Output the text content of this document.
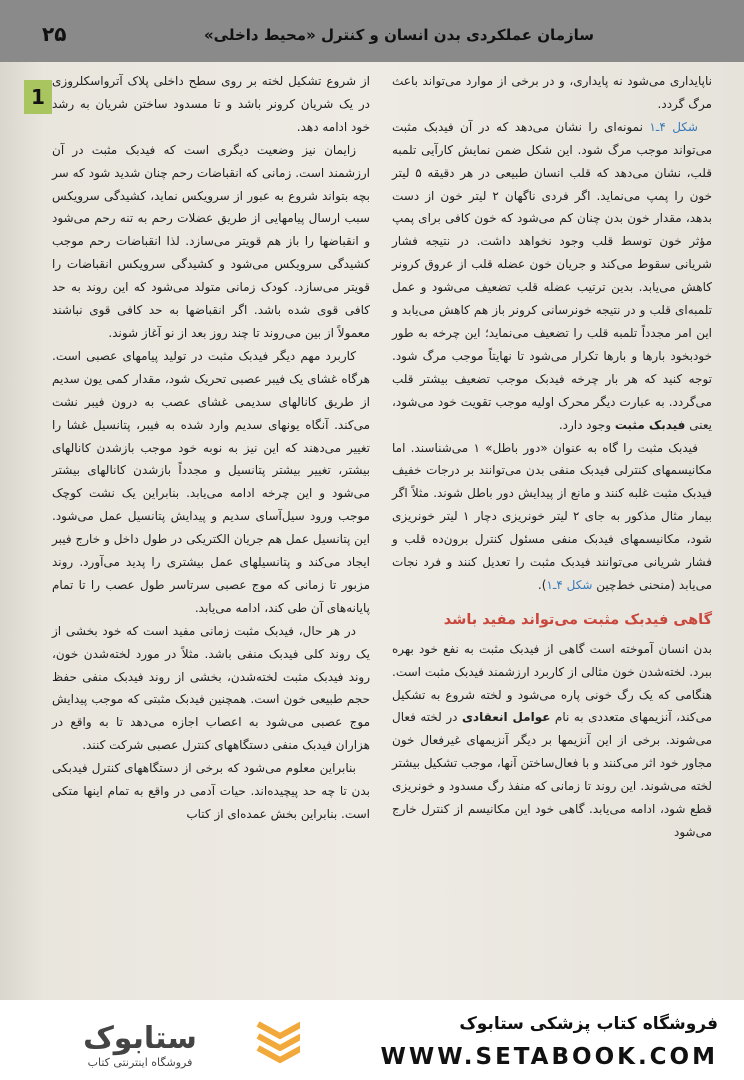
سازمان عملکردی بدن انسان و کنترل «محیط داخلی»
۲۵
1

ناپایداری می‌شود نه پایداری، و در برخی از موارد می‌تواند باعث مرگ گردد.

شکل ۴ـ۱ نمونه‌ای را نشان می‌دهد که در آن فیدبک مثبت می‌تواند موجب مرگ شود. این شکل ضمن نمایش کارآیی تلمبه قلب، نشان می‌دهد که قلب انسان طبیعی در هر دقیقه ۵ لیتر خون را پمپ می‌نماید. اگر فردی ناگهان ۲ لیتر خون از دست بدهد، مقدار خون بدن چنان کم می‌شود که خون کافی برای پمپ مؤثر خون توسط قلب وجود نخواهد داشت. در نتیجه فشار شریانی سقوط می‌کند و جریان خون عضله قلب از عروق کرونر کاهش می‌یابد. بدین ترتیب عضله قلب تضعیف می‌شود و عمل تلمبه‌ای قلب و در نتیجه خونرسانی کرونر باز هم کاهش می‌یابد و این امر مجدداً تلمبه قلب را تضعیف می‌نماید؛ این چرخه به طور خودبخود بارها و بارها تکرار می‌شود تا نهایتاً موجب مرگ شود. توجه کنید که هر بار چرخه فیدبک موجب تضعیف بیشتر قلب می‌گردد. به عبارت دیگر محرک اولیه موجب تقویت خود می‌شود، یعنی فیدبک مثبت وجود دارد.

فیدبک مثبت را گاه به عنوان «دور باطل» ۱ می‌شناسند. اما مکانیسمهای کنترلی فیدبک منفی بدن می‌توانند بر درجات خفیف فیدبک مثبت غلبه کنند و مانع از پیدایش دور باطل شوند. مثلاً اگر بیمار مثال مذکور به جای ۲ لیتر خونریزی دچار ۱ لیتر خونریزی شود، مکانیسمهای فیدبک منفی مسئول کنترل برون‌ده قلب و فشار شریانی می‌توانند فیدبک مثبت را تعدیل کنند و فرد نجات می‌یابد (منحنی خط‌چین شکل ۴ـ۱).

گاهی فیدبک مثبت می‌تواند مفید باشد

بدن انسان آموخته است گاهی از فیدبک مثبت به نفع خود بهره ببرد. لخته‌شدن خون مثالی از کاربرد ارزشمند فیدبک مثبت است. هنگامی که یک رگ خونی پاره می‌شود و لخته شروع به تشکیل می‌کند، آنزیمهای متعددی به نام عوامل انعقادی در لخته فعال می‌شوند. برخی از این آنزیمها بر دیگر آنزیمهای غیرفعال خون مجاور خود اثر می‌کنند و با فعال‌ساختن آنها، موجب تشکیل بیشتر لخته می‌شوند. این روند تا زمانی که منفذ رگ مسدود و خونریزی قطع شود، ادامه می‌یابد. گاهی خود این مکانیسم از کنترل خارج می‌شود

از شروع تشکیل لخته بر روی سطح داخلی پلاک آترواسکلروزی در یک شریان کرونر باشد و تا مسدود ساختن شریان به رشد خود ادامه دهد.

زایمان نیز وضعیت دیگری است که فیدبک مثبت در آن ارزشمند است. زمانی که انقباضات رحم چنان شدید شود که سر بچه بتواند شروع به عبور از سرویکس نماید، کشیدگی سرویکس سبب ارسال پیامهایی از طریق عضلات رحم به تنه رحم می‌شود و انقباضها را باز هم قویتر می‌سازد. لذا انقباضات رحم موجب کشیدگی سرویکس می‌شود و کشیدگی سرویکس انقباضات را قویتر می‌سازد. کودک زمانی متولد می‌شود که این روند به حد کافی قوی شده باشد. اگر انقباضها به حد کافی قوی نباشند معمولاً از بین می‌روند تا چند روز بعد از نو آغاز شوند.

کاربرد مهم دیگر فیدبک مثبت در تولید پیامهای عصبی است. هرگاه غشای یک فیبر عصبی تحریک شود، مقدار کمی یون سدیم از طریق کانالهای سدیمی غشای عصب به درون فیبر نشت می‌کند. آنگاه یونهای سدیم وارد شده به فیبر، پتانسیل غشا را تغییر می‌دهند که این نیز به نوبه خود موجب بازشدن کانالهای بیشتر، تغییر بیشتر پتانسیل و مجدداً بازشدن کانالهای بیشتر می‌شود و این چرخه ادامه می‌یابد. بنابراین یک نشت کوچک موجب ورود سیل‌آسای سدیم و پیدایش پتانسیل عمل می‌شود. این پتانسیل عمل هم جریان الکتریکی در طول داخل و خارج فیبر ایجاد می‌کند و پتانسیلهای عمل بیشتری را پدید می‌آورد. روند مزبور تا زمانی که موج عصبی سرتاسر طول عصب را تا تمام پایانه‌های آن طی کند، ادامه می‌یابد.

در هر حال، فیدبک مثبت زمانی مفید است که خود بخشی از یک روند کلی فیدبک منفی باشد. مثلاً در مورد لخته‌شدن خون، روند فیدبک مثبت لخته‌شدن، بخشی از روند فیدبک منفی حفظ حجم طبیعی خون است. همچنین فیدبک مثبتی که موجب پیدایش موج عصبی می‌شود به اعصاب اجازه می‌دهد تا به واقع در هزاران فیدبک منفی دستگاههای کنترل عصبی شرکت کنند.

بنابراین معلوم می‌شود که برخی از دستگاههای کنترل فیدبکی بدن تا چه حد پیچیده‌اند. حیات آدمی در واقع به تمام اینها متکی است. بنابراین بخش عمده‌ای از کتاب

ستابوک
فروشگاه اینترنتی کتاب
فروشگاه کتاب پزشکی ستابوک
WWW.SETABOOK.COM
